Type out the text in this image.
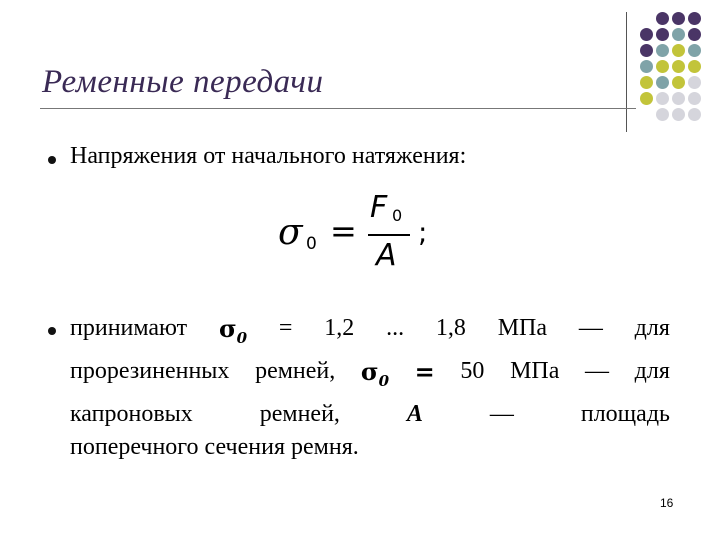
Ременные передачи
Напряжения от начального натяжения:
σ 0 =
F 0
A
;
принимают $\sigma_0 = 1,2$ ... 1,8 МПа — для
прорезиненных ремней, $\sigma_0 = 50$ МПа — для
капроновых	ремней,	A	—	площадь
поперечного сечения ремня.
16
